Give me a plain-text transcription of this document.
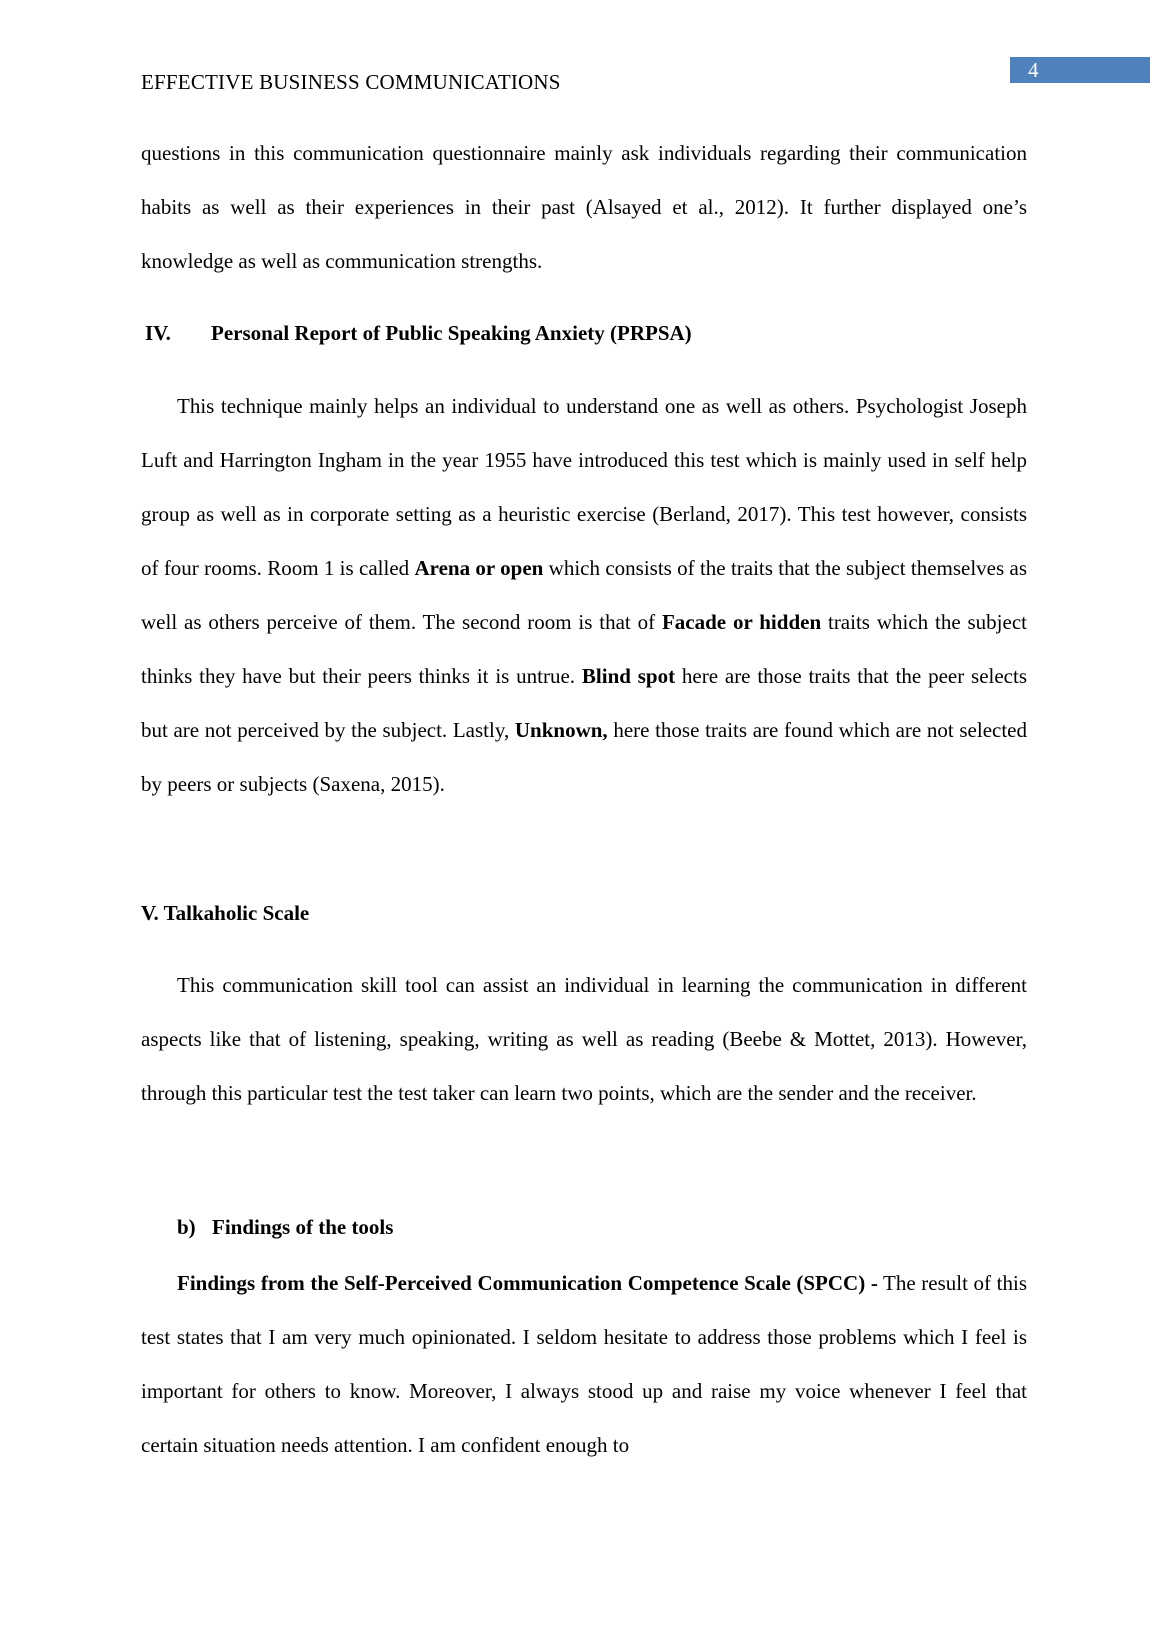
4
EFFECTIVE BUSINESS COMMUNICATIONS

questions in this communication questionnaire mainly ask individuals regarding their communication habits as well as their experiences in their past (Alsayed et al., 2012). It further displayed one’s knowledge as well as communication strengths.

IV. Personal Report of Public Speaking Anxiety (PRPSA)

This technique mainly helps an individual to understand one as well as others. Psychologist Joseph Luft and Harrington Ingham in the year 1955 have introduced this test which is mainly used in self help group as well as in corporate setting as a heuristic exercise (Berland, 2017). This test however, consists of four rooms. Room 1 is called Arena or open which consists of the traits that the subject themselves as well as others perceive of them. The second room is that of Facade or hidden traits which the subject thinks they have but their peers thinks it is untrue. Blind spot here are those traits that the peer selects but are not perceived by the subject. Lastly, Unknown, here those traits are found which are not selected by peers or subjects (Saxena, 2015).

V. Talkaholic Scale

This communication skill tool can assist an individual in learning the communication in different aspects like that of listening, speaking, writing as well as reading (Beebe & Mottet, 2013). However, through this particular test the test taker can learn two points, which are the sender and the receiver.

b) Findings of the tools

Findings from the Self-Perceived Communication Competence Scale (SPCC) - The result of this test states that I am very much opinionated. I seldom hesitate to address those problems which I feel is important for others to know. Moreover, I always stood up and raise my voice whenever I feel that certain situation needs attention. I am confident enough to
